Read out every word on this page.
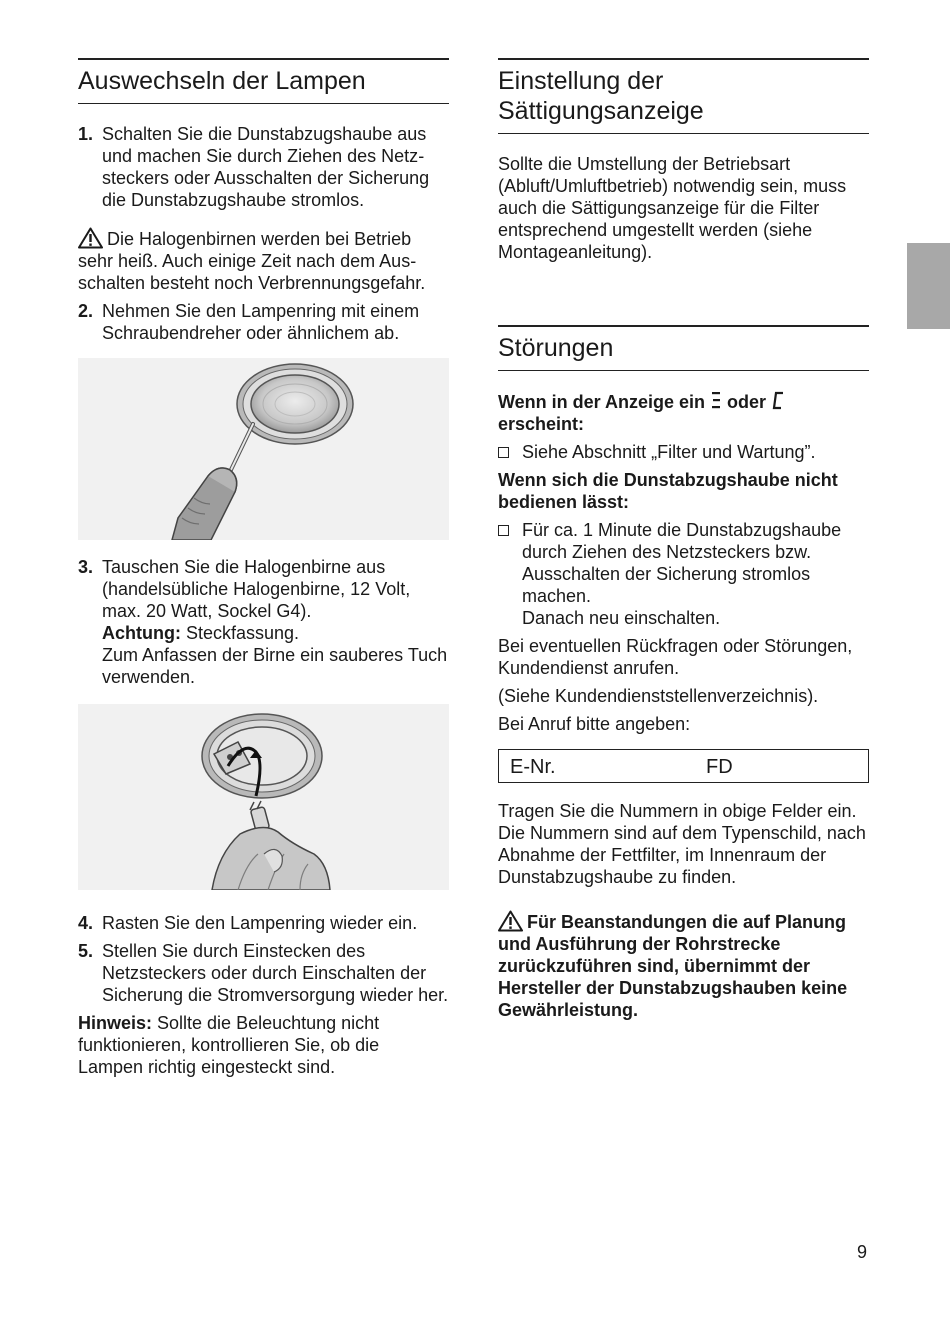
Auswechseln der Lampen
1. Schalten Sie die Dunstabzugshaube aus und machen Sie durch Ziehen des Netzsteckers oder Ausschalten der Sicherung die Dunstabzugshaube stromlos.

Die Halogenbirnen werden bei Betrieb sehr heiß. Auch einige Zeit nach dem Ausschalten besteht noch Verbrennungsgefahr.

2. Nehmen Sie den Lampenring mit einem Schraubendreher oder ähnlichem ab.
3. Tauschen Sie die Halogenbirne aus (handelsübliche Halogenbirne, 12 Volt, max. 20 Watt, Sockel G4).
Achtung: Steckfassung.
Zum Anfassen der Birne ein sauberes Tuch verwenden.
4. Rasten Sie den Lampenring wieder ein.
5. Stellen Sie durch Einstecken des Netzsteckers oder durch Einschalten der Sicherung die Stromversorgung wieder her.

Hinweis: Sollte die Beleuchtung nicht funktionieren, kontrollieren Sie, ob die Lampen richtig eingesteckt sind.

Einstellung der Sättigungsanzeige

Sollte die Umstellung der Betriebsart (Abluft/Umluftbetrieb) notwendig sein, muss auch die Sättigungsanzeige für die Filter entsprechend umgestellt werden (siehe Montageanleitung).

Störungen

Wenn in der Anzeige ein  oder
erscheint:

Siehe Abschnitt „Filter und Wartung”.

Wenn sich die Dunstabzugshaube nicht bedienen lässt:

Für ca. 1 Minute die Dunstabzugshaube durch Ziehen des Netzsteckers bzw. Ausschalten der Sicherung stromlos machen.
Danach neu einschalten.

Bei eventuellen Rückfragen oder Störungen, Kundendienst anrufen.

(Siehe Kundendienststellenverzeichnis).

Bei Anruf bitte angeben:

E-Nr.	FD

Tragen Sie die Nummern in obige Felder ein. Die Nummern sind auf dem Typenschild, nach Abnahme der Fettfilter, im Innenraum der Dunstabzugshaube zu finden.

Für Beanstandungen die auf Planung und Ausführung der Rohrstrecke zurückzuführen sind, übernimmt der Hersteller der Dunstabzugshauben keine Gewährleistung.

9
